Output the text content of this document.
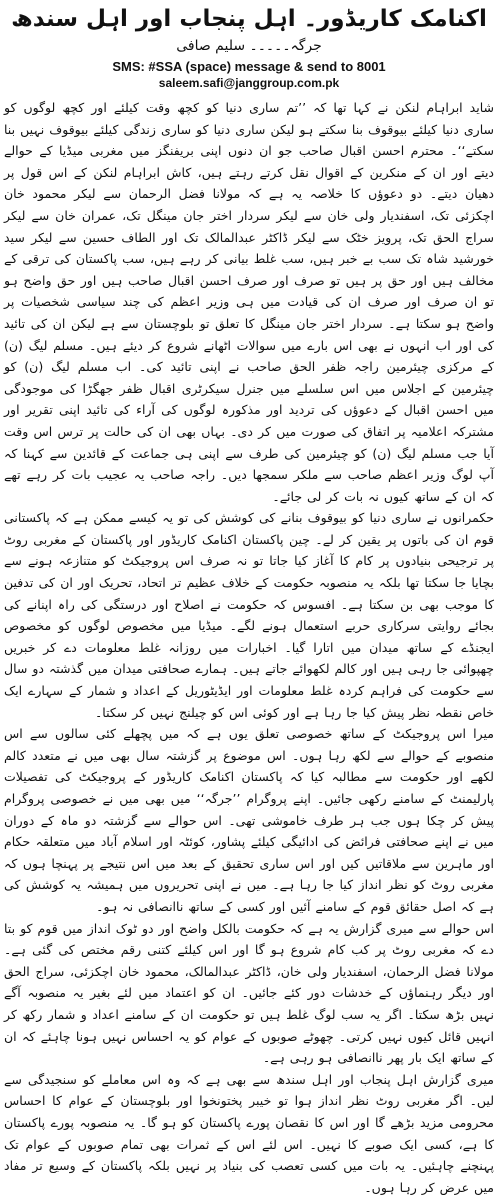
اکنامک کاریڈور۔ اہل پنجاب اور اہل سندھ
جرگہ۔۔۔۔۔ سلیم صافی
SMS: #SSA (space) message & send to 8001
saleem.safi@janggroup.com.pk

شاید ابراہام لنکن نے کہا تھا کہ ’’تم ساری دنیا کو کچھ وقت کیلئے اور کچھ لوگوں کو ساری دنیا کیلئے بیوقوف بنا سکتے ہو لیکن ساری دنیا کو ساری زندگی کیلئے بیوقوف نہیں بنا سکتے‘‘۔ محترم احسن اقبال صاحب جو ان دنوں اپنی بریفنگز میں مغربی میڈیا کے حوالے دیتے اور ان کے منکرین کے اقوال نقل کرتے رہتے ہیں، کاش ابراہام لنکن کے اس قول پر دھیان دیتے۔ دو دعوؤں کا خلاصہ یہ ہے کہ مولانا فضل الرحمان سے لیکر محمود خان اچکزئی تک، اسفندیار ولی خان سے لیکر سردار اختر جان مینگل تک، عمران خان سے لیکر سراج الحق تک، پرویز خٹک سے لیکر ڈاکٹر عبدالمالک تک اور الطاف حسین سے لیکر سید خورشید شاہ تک سب بے خبر ہیں، سب غلط بیانی کر رہے ہیں، سب پاکستان کی ترقی کے مخالف ہیں اور حق پر ہیں تو صرف اور صرف احسن اقبال صاحب ہیں اور حق واضح ہو تو ان صرف اور صرف ان کی قیادت میں ہی وزیر اعظم کی چند سیاسی شخصیات پر واضح ہو سکتا ہے۔ سردار اختر جان مینگل کا تعلق تو بلوچستان سے ہے لیکن ان کی تائید کی اور اب انہوں نے بھی اس بارے میں سوالات اٹھانے شروع کر دیئے ہیں۔ مسلم لیگ (ن) کے مرکزی چیئرمین راجہ ظفر الحق صاحب نے اپنی تائید کی۔ اب مسلم لیگ (ن) کو چیئرمین کے اجلاس میں اس سلسلے میں جنرل سیکرٹری اقبال ظفر جھگڑا کی موجودگی میں احسن اقبال کے دعوؤں کی تردید اور مذکورہ لوگوں کی آراء کی تائید اپنی تقریر اور مشترکہ اعلامیہ پر اتفاق کی صورت میں کر دی۔ بہاں بھی ان کی حالت پر ترس اس وقت آیا جب مسلم لیگ (ن) کو چیئرمین کی طرف سے اپنی ہی جماعت کے قائدین سے کہنا کہ آپ لوگ وزیر اعظم صاحب سے ملکر سمجھا دیں۔ راجہ صاحب یہ عجیب بات کر رہے تھے کہ ان کے ساتھ کیوں نہ بات کر لی جائے۔

حکمرانوں نے ساری دنیا کو بیوقوف بنانے کی کوشش کی تو یہ کیسے ممکن ہے کہ پاکستانی قوم ان کی باتوں پر یقین کر لے۔ چین پاکستان اکنامک کاریڈور اور پاکستان کے مغربی روٹ پر ترجیحی بنیادوں پر کام کا آغاز کیا جاتا تو نہ صرف اس پروجیکٹ کو متنازعہ ہونے سے بچایا جا سکتا تھا بلکہ یہ منصوبہ حکومت کے خلاف عظیم تر اتحاد، تحریک اور ان کی تدفین کا موجب بھی بن سکتا ہے۔ افسوس کہ حکومت نے اصلاح اور درستگی کی راہ اپنانے کی بجائے روایتی سرکاری حربے استعمال ہونے لگے۔ میڈیا میں مخصوص لوگوں کو مخصوص ایجنڈے کے ساتھ میدان میں اتارا گیا۔ اخبارات میں روزانہ غلط معلومات دے کر خبریں چھپوائی جا رہی ہیں اور کالم لکھوائے جاتے ہیں۔ ہمارے صحافتی میدان میں گذشتہ دو سال سے حکومت کی فراہم کردہ غلط معلومات اور ایڈیٹوریل کے اعداد و شمار کے سہارے ایک خاص نقطہ نظر پیش کیا جا رہا ہے اور کوئی اس کو چیلنج نہیں کر سکتا۔

میرا اس پروجیکٹ کے ساتھ خصوصی تعلق یوں ہے کہ میں پچھلے کئی سالوں سے اس منصوبے کے حوالے سے لکھ رہا ہوں۔ اس موضوع پر گزشتہ سال بھی میں نے متعدد کالم لکھے اور حکومت سے مطالبہ کیا کہ پاکستان اکنامک کاریڈور کے پروجیکٹ کی تفصیلات پارلیمنٹ کے سامنے رکھی جائیں۔ اپنے پروگرام ’’جرگہ‘‘ میں بھی میں نے خصوصی پروگرام پیش کر چکا ہوں جب ہر طرف خاموشی تھی۔ اس حوالے سے گزشتہ دو ماہ کے دوران میں نے اپنے صحافتی فرائض کی ادائیگی کیلئے پشاور، کوئٹہ اور اسلام آباد میں متعلقہ حکام اور ماہرین سے ملاقاتیں کیں اور اس ساری تحقیق کے بعد میں اس نتیجے پر پہنچا ہوں کہ مغربی روٹ کو نظر انداز کیا جا رہا ہے۔ میں نے اپنی تحریروں میں ہمیشہ یہ کوشش کی ہے کہ اصل حقائق قوم کے سامنے آئیں اور کسی کے ساتھ ناانصافی نہ ہو۔

اس حوالے سے میری گزارش یہ ہے کہ حکومت بالکل واضح اور دو ٹوک انداز میں قوم کو بتا دے کہ مغربی روٹ پر کب کام شروع ہو گا اور اس کیلئے کتنی رقم مختص کی گئی ہے۔ مولانا فضل الرحمان، اسفندیار ولی خان، ڈاکٹر عبدالمالک، محمود خان اچکزئی، سراج الحق اور دیگر رہنماؤں کے خدشات دور کئے جائیں۔ ان کو اعتماد میں لئے بغیر یہ منصوبہ آگے نہیں بڑھ سکتا۔ اگر یہ سب لوگ غلط ہیں تو حکومت ان کے سامنے اعداد و شمار رکھ کر انہیں قائل کیوں نہیں کرتی۔ چھوٹے صوبوں کے عوام کو یہ احساس نہیں ہونا چاہئے کہ ان کے ساتھ ایک بار پھر ناانصافی ہو رہی ہے۔

میری گزارش اہل پنجاب اور اہل سندھ سے بھی ہے کہ وہ اس معاملے کو سنجیدگی سے لیں۔ اگر مغربی روٹ نظر انداز ہوا تو خیبر پختونخوا اور بلوچستان کے عوام کا احساس محرومی مزید بڑھے گا اور اس کا نقصان پورے پاکستان کو ہو گا۔ یہ منصوبہ پورے پاکستان کا ہے، کسی ایک صوبے کا نہیں۔ اس لئے اس کے ثمرات بھی تمام صوبوں کے عوام تک پہنچنے چاہئیں۔ یہ بات میں کسی تعصب کی بنیاد پر نہیں بلکہ پاکستان کے وسیع تر مفاد میں عرض کر رہا ہوں۔
